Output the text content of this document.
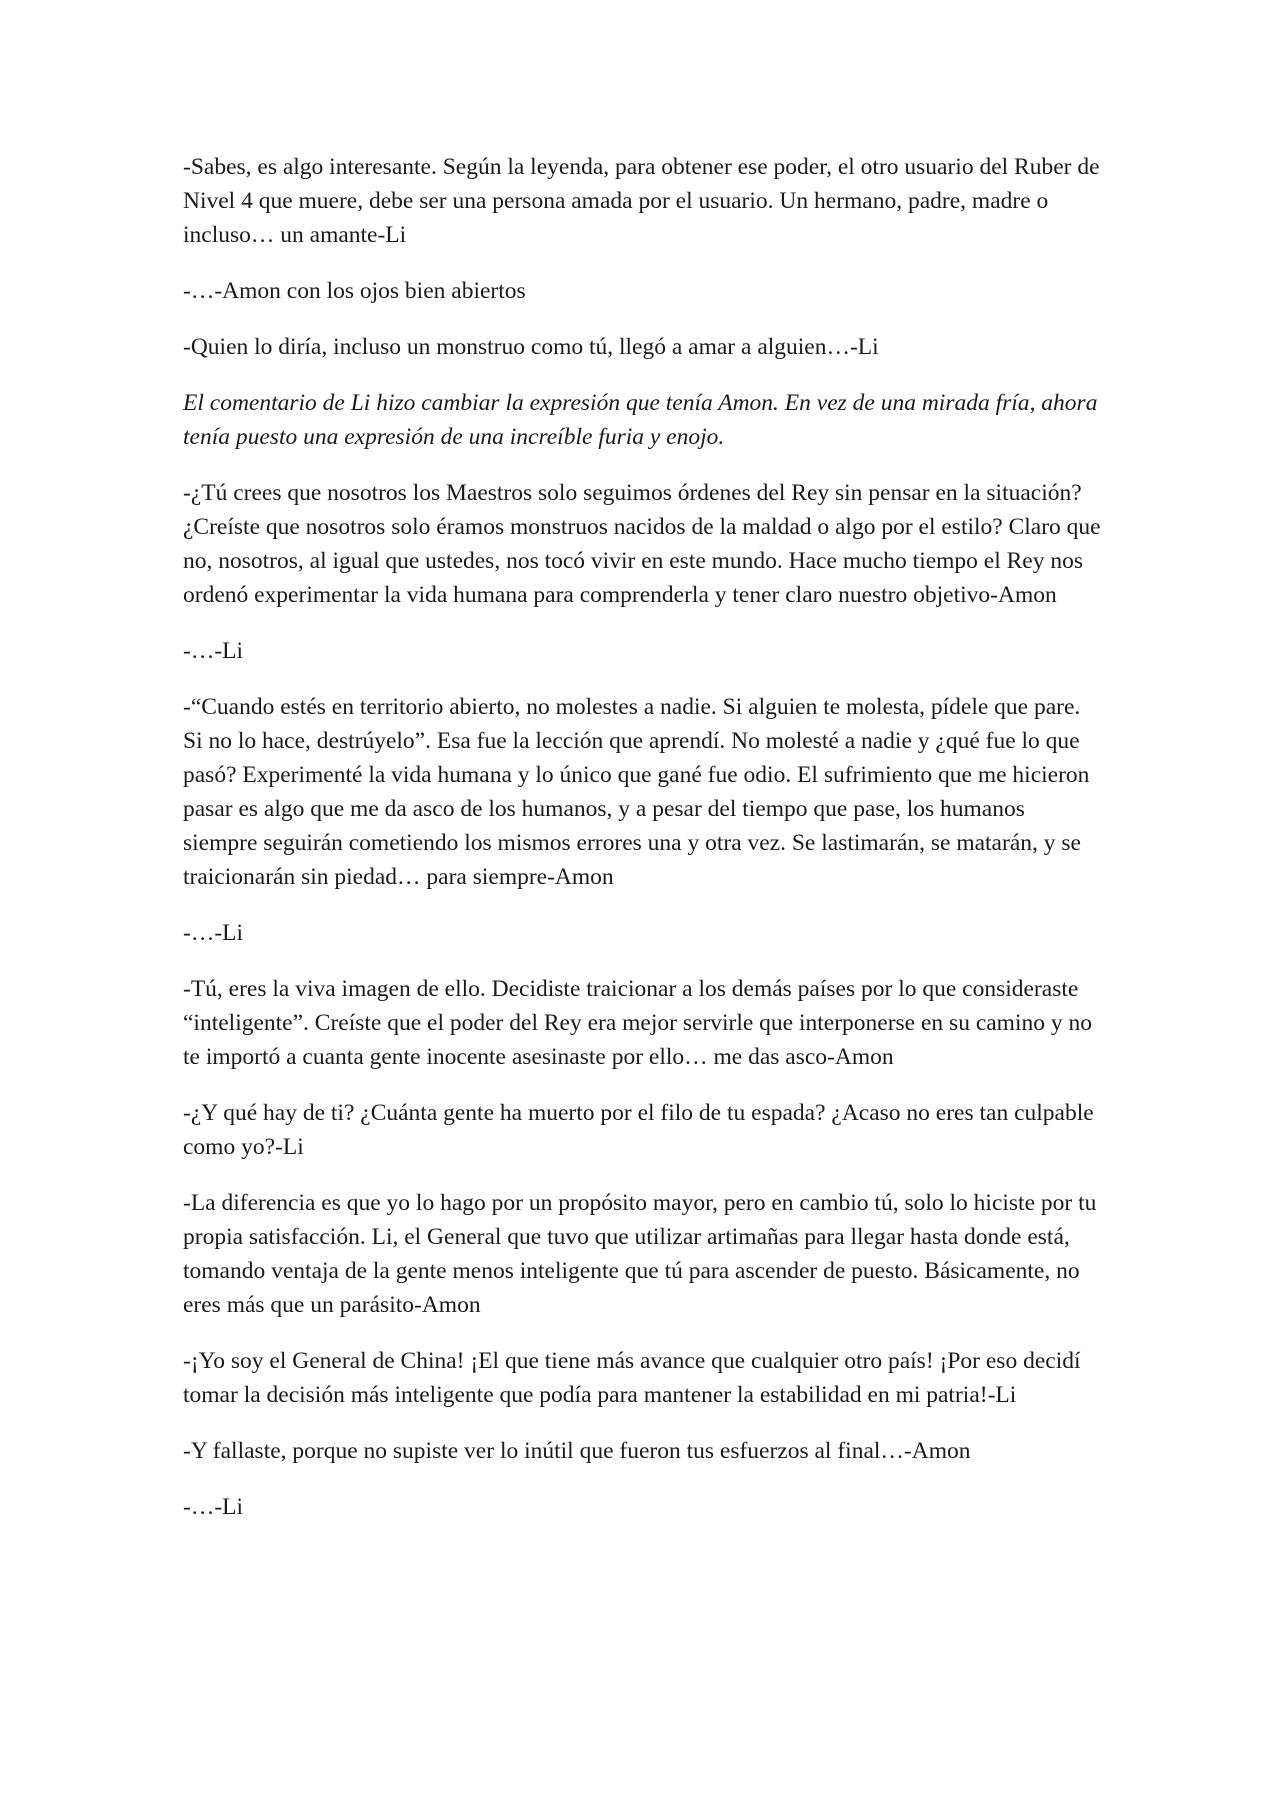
-Sabes, es algo interesante. Según la leyenda, para obtener ese poder, el otro usuario del Ruber de Nivel 4 que muere, debe ser una persona amada por el usuario. Un hermano, padre, madre o incluso… un amante-Li

-…-Amon con los ojos bien abiertos

-Quien lo diría, incluso un monstruo como tú, llegó a amar a alguien…-Li

El comentario de Li hizo cambiar la expresión que tenía Amon. En vez de una mirada fría, ahora tenía puesto una expresión de una increíble furia y enojo.

-¿Tú crees que nosotros los Maestros solo seguimos órdenes del Rey sin pensar en la situación? ¿Creíste que nosotros solo éramos monstruos nacidos de la maldad o algo por el estilo? Claro que no, nosotros, al igual que ustedes, nos tocó vivir en este mundo. Hace mucho tiempo el Rey nos ordenó experimentar la vida humana para comprenderla y tener claro nuestro objetivo-Amon

-…-Li

-“Cuando estés en territorio abierto, no molestes a nadie. Si alguien te molesta, pídele que pare. Si no lo hace, destrúyelo”. Esa fue la lección que aprendí. No molesté a nadie y ¿qué fue lo que pasó? Experimenté la vida humana y lo único que gané fue odio. El sufrimiento que me hicieron pasar es algo que me da asco de los humanos, y a pesar del tiempo que pase, los humanos siempre seguirán cometiendo los mismos errores una y otra vez. Se lastimarán, se matarán, y se traicionarán sin piedad… para siempre-Amon

-…-Li

-Tú, eres la viva imagen de ello. Decidiste traicionar a los demás países por lo que consideraste “inteligente”. Creíste que el poder del Rey era mejor servirle que interponerse en su camino y no te importó a cuanta gente inocente asesinaste por ello… me das asco-Amon

-¿Y qué hay de ti? ¿Cuánta gente ha muerto por el filo de tu espada? ¿Acaso no eres tan culpable como yo?-Li

-La diferencia es que yo lo hago por un propósito mayor, pero en cambio tú, solo lo hiciste por tu propia satisfacción. Li, el General que tuvo que utilizar artimañas para llegar hasta donde está, tomando ventaja de la gente menos inteligente que tú para ascender de puesto. Básicamente, no eres más que un parásito-Amon

-¡Yo soy el General de China! ¡El que tiene más avance que cualquier otro país! ¡Por eso decidí tomar la decisión más inteligente que podía para mantener la estabilidad en mi patria!-Li

-Y fallaste, porque no supiste ver lo inútil que fueron tus esfuerzos al final…-Amon

-…-Li
